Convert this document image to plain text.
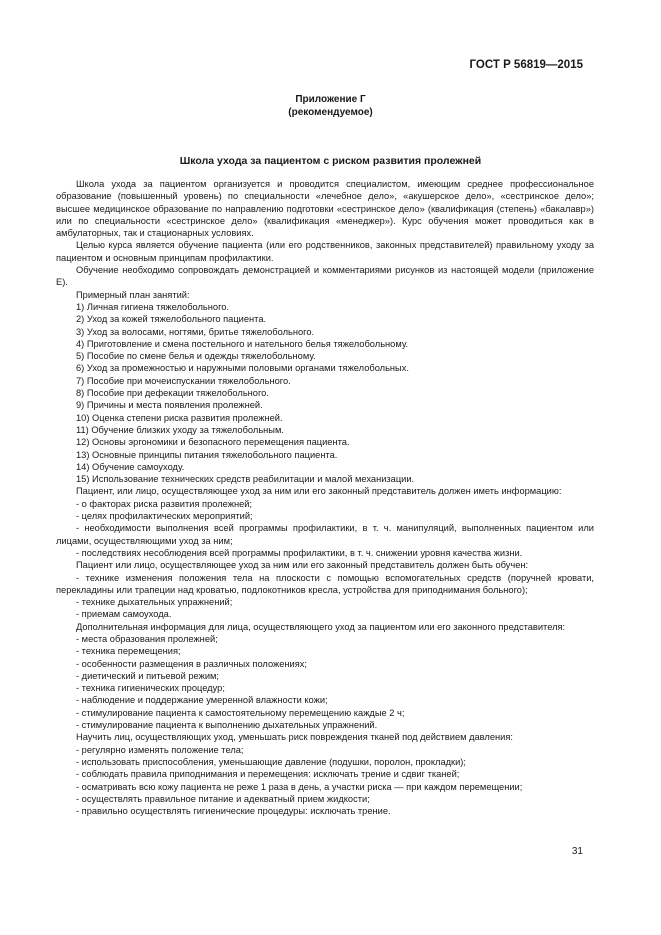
ГОСТ Р 56819—2015
Приложение Г
(рекомендуемое)
Школа ухода за пациентом с риском развития пролежней

Школа ухода за пациентом организуется и проводится специалистом, имеющим среднее профессиональное образование (повышенный уровень) по специальности «лечебное дело», «акушерское дело», «сестринское дело»; высшее медицинское образование по направлению подготовки «сестринское дело» (квалификация (степень) «бакалавр») или по специальности «сестринское дело» (квалификация «менеджер»). Курс обучения может проводиться как в амбулаторных, так и стационарных условиях.

Целью курса является обучение пациента (или его родственников, законных представителей) правильному уходу за пациентом и основным принципам профилактики.

Обучение необходимо сопровождать демонстрацией и комментариями рисунков из настоящей модели (приложение Е).

Примерный план занятий:

1) Личная гигиена тяжелобольного.

2) Уход за кожей тяжелобольного пациента.

3) Уход за волосами, ногтями, бритье тяжелобольного.

4) Приготовление и смена постельного и нательного белья тяжелобольному.

5) Пособие по смене белья и одежды тяжелобольному.

6) Уход за промежностью и наружными половыми органами тяжелобольных.

7) Пособие при мочеиспускании тяжелобольного.

8) Пособие при дефекации тяжелобольного.

9) Причины и места появления пролежней.

10) Оценка степени риска развития пролежней.

11) Обучение близких уходу за тяжелобольным.

12) Основы эргономики и безопасного перемещения пациента.

13) Основные принципы питания тяжелобольного пациента.

14) Обучение самоуходу.

15) Использование технических средств реабилитации и малой механизации.

Пациент, или лицо, осуществляющее уход за ним или его законный представитель должен иметь информацию:

- о факторах риска развития пролежней;

- целях профилактических мероприятий;

- необходимости выполнения всей программы профилактики, в т. ч. манипуляций, выполненных пациентом или лицами, осуществляющими уход за ним;

- последствиях несоблюдения всей программы профилактики, в т. ч. снижении уровня качества жизни.

Пациент или лицо, осуществляющее уход за ним или его законный представитель должен быть обучен:

- технике изменения положения тела на плоскости с помощью вспомогательных средств (поручней кровати, перекладины или трапеции над кроватью, подлокотников кресла, устройства для приподнимания больного);

- технике дыхательных упражнений;

- приемам самоухода.

Дополнительная информация для лица, осуществляющего уход за пациентом или его законного представителя:

- места образования пролежней;

- техника перемещения;

- особенности размещения в различных положениях;

- диетический и питьевой режим;

- техника гигиенических процедур;

- наблюдение и поддержание умеренной влажности кожи;

- стимулирование пациента к самостоятельному перемещению каждые 2 ч;

- стимулирование пациента к выполнению дыхательных упражнений.

Научить лиц, осуществляющих уход, уменьшать риск повреждения тканей под действием давления:

- регулярно изменять положение тела;

- использовать приспособления, уменьшающие давление (подушки, поролон, прокладки);

- соблюдать правила приподнимания и перемещения: исключать трение и сдвиг тканей;

- осматривать всю кожу пациента не реже 1 раза в день, а участки риска — при каждом перемещении;

- осуществлять правильное питание и адекватный прием жидкости;

- правильно осуществлять гигиенические процедуры: исключать трение.

31
